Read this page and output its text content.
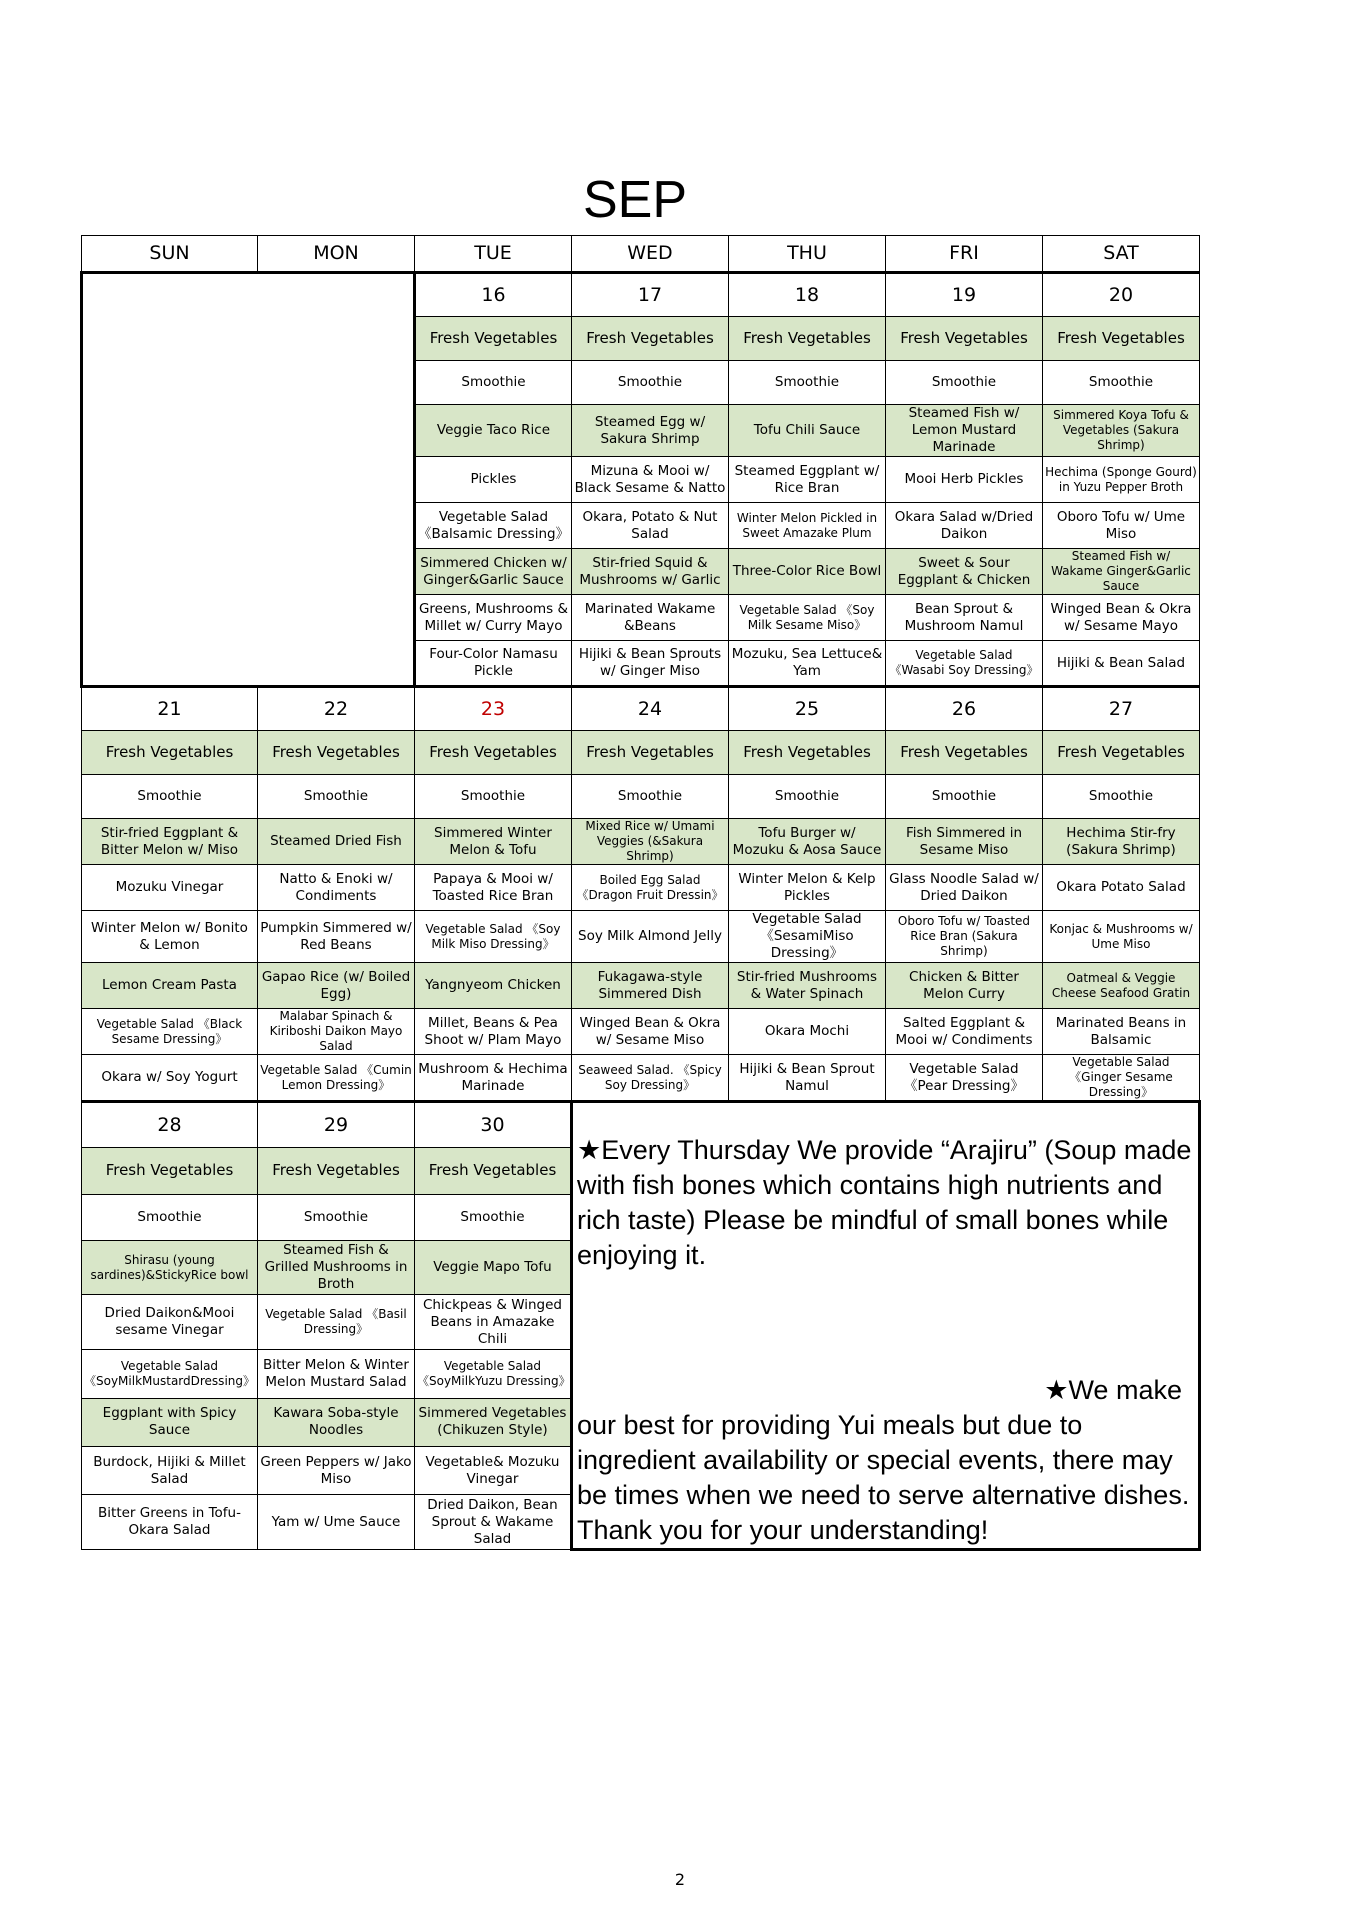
SEP
SUN	MON	TUE	WED	THU	FRI	SAT
		16	17	18	19	20
		Fresh Vegetables	Fresh Vegetables	Fresh Vegetables	Fresh Vegetables	Fresh Vegetables
		Smoothie	Smoothie	Smoothie	Smoothie	Smoothie
		Veggie Taco Rice	Steamed Egg w/ Sakura Shrimp	Tofu Chili Sauce	Steamed Fish w/ Lemon Mustard Marinade	Simmered Koya Tofu & Vegetables (Sakura Shrimp)
		Pickles	Mizuna & Mooi w/ Black Sesame & Natto	Steamed Eggplant w/ Rice Bran	Mooi Herb Pickles	Hechima (Sponge Gourd) in Yuzu Pepper Broth
		Vegetable Salad 《Balsamic Dressing》	Okara, Potato & Nut Salad	Winter Melon Pickled in Sweet Amazake Plum	Okara Salad w/Dried Daikon	Oboro Tofu w/ Ume Miso
		Simmered Chicken w/ Ginger&Garlic Sauce	Stir-fried Squid & Mushrooms w/ Garlic	Three-Color Rice Bowl	Sweet & Sour Eggplant & Chicken	Steamed Fish w/ Wakame Ginger&Garlic Sauce
		Greens, Mushrooms & Millet w/ Curry Mayo	Marinated Wakame &Beans	Vegetable Salad 《Soy Milk Sesame Miso》	Bean Sprout & Mushroom Namul	Winged Bean & Okra w/ Sesame Mayo
		Four-Color Namasu Pickle	Hijiki & Bean Sprouts w/ Ginger Miso	Mozuku, Sea Lettuce& Yam	Vegetable Salad 《Wasabi Soy Dressing》	Hijiki & Bean Salad
21	22	23	24	25	26	27
Fresh Vegetables	Fresh Vegetables	Fresh Vegetables	Fresh Vegetables	Fresh Vegetables	Fresh Vegetables	Fresh Vegetables
Smoothie	Smoothie	Smoothie	Smoothie	Smoothie	Smoothie	Smoothie
Stir-fried Eggplant & Bitter Melon w/ Miso	Steamed Dried Fish	Simmered Winter Melon & Tofu	Mixed Rice w/ Umami Veggies (&Sakura Shrimp)	Tofu Burger w/ Mozuku & Aosa Sauce	Fish Simmered in Sesame Miso	Hechima Stir-fry (Sakura Shrimp)
Mozuku Vinegar	Natto & Enoki w/ Condiments	Papaya & Mooi w/ Toasted Rice Bran	Boiled Egg Salad 《Dragon Fruit Dressin》	Winter Melon & Kelp Pickles	Glass Noodle Salad w/ Dried Daikon	Okara Potato Salad
Winter Melon w/ Bonito & Lemon	Pumpkin Simmered w/ Red Beans	Vegetable Salad 《Soy Milk Miso Dressing》	Soy Milk Almond Jelly	Vegetable Salad 《SesamiMiso Dressing》	Oboro Tofu w/ Toasted Rice Bran (Sakura Shrimp)	Konjac & Mushrooms w/ Ume Miso
Lemon Cream Pasta	Gapao Rice (w/ Boiled Egg)	Yangnyeom Chicken	Fukagawa-style Simmered Dish	Stir-fried Mushrooms & Water Spinach	Chicken & Bitter Melon Curry	Oatmeal & Veggie Cheese Seafood Gratin
Vegetable Salad 《Black Sesame Dressing》	Malabar Spinach & Kiriboshi Daikon Mayo Salad	Millet, Beans & Pea Shoot w/ Plam Mayo	Winged Bean & Okra w/ Sesame Miso	Okara Mochi	Salted Eggplant & Mooi w/ Condiments	Marinated Beans in Balsamic
Okara w/ Soy Yogurt	Vegetable Salad 《Cumin Lemon Dressing》	Mushroom & Hechima Marinade	Seaweed Salad. 《Spicy Soy Dressing》	Hijiki & Bean Sprout Namul	Vegetable Salad 《Pear Dressing》	Vegetable Salad 《Ginger Sesame Dressing》
28	29	30	★Every Thursday We provide “Arajiru” (Soup made with fish bones which contains high nutrients and rich taste) Please be mindful of small bones while enjoying it.
★We make
our best for providing Yui meals but due to ingredient availability or special events, there may be times when we need to serve alternative dishes. Thank you for your understanding!			

Fresh Vegetables	Fresh Vegetables	Fresh Vegetables				
Smoothie	Smoothie	Smoothie				
Shirasu (young sardines)&StickyRice bowl	Steamed Fish & Grilled Mushrooms in Broth	Veggie Mapo Tofu				
Dried Daikon&Mooi sesame Vinegar	Vegetable Salad 《Basil Dressing》	Chickpeas & Winged Beans in Amazake Chili				
Vegetable Salad 《SoyMilkMustardDressing》	Bitter Melon & Winter Melon Mustard Salad	Vegetable Salad 《SoyMilkYuzu Dressing》				
Eggplant with Spicy Sauce	Kawara Soba-style Noodles	Simmered Vegetables (Chikuzen Style)				
Burdock, Hijiki & Millet Salad	Green Peppers w/ Jako Miso	Vegetable& Mozuku Vinegar				
Bitter Greens in Tofu-Okara Salad	Yam w/ Ume Sauce	Dried Daikon, Bean Sprout & Wakame Salad				
2
